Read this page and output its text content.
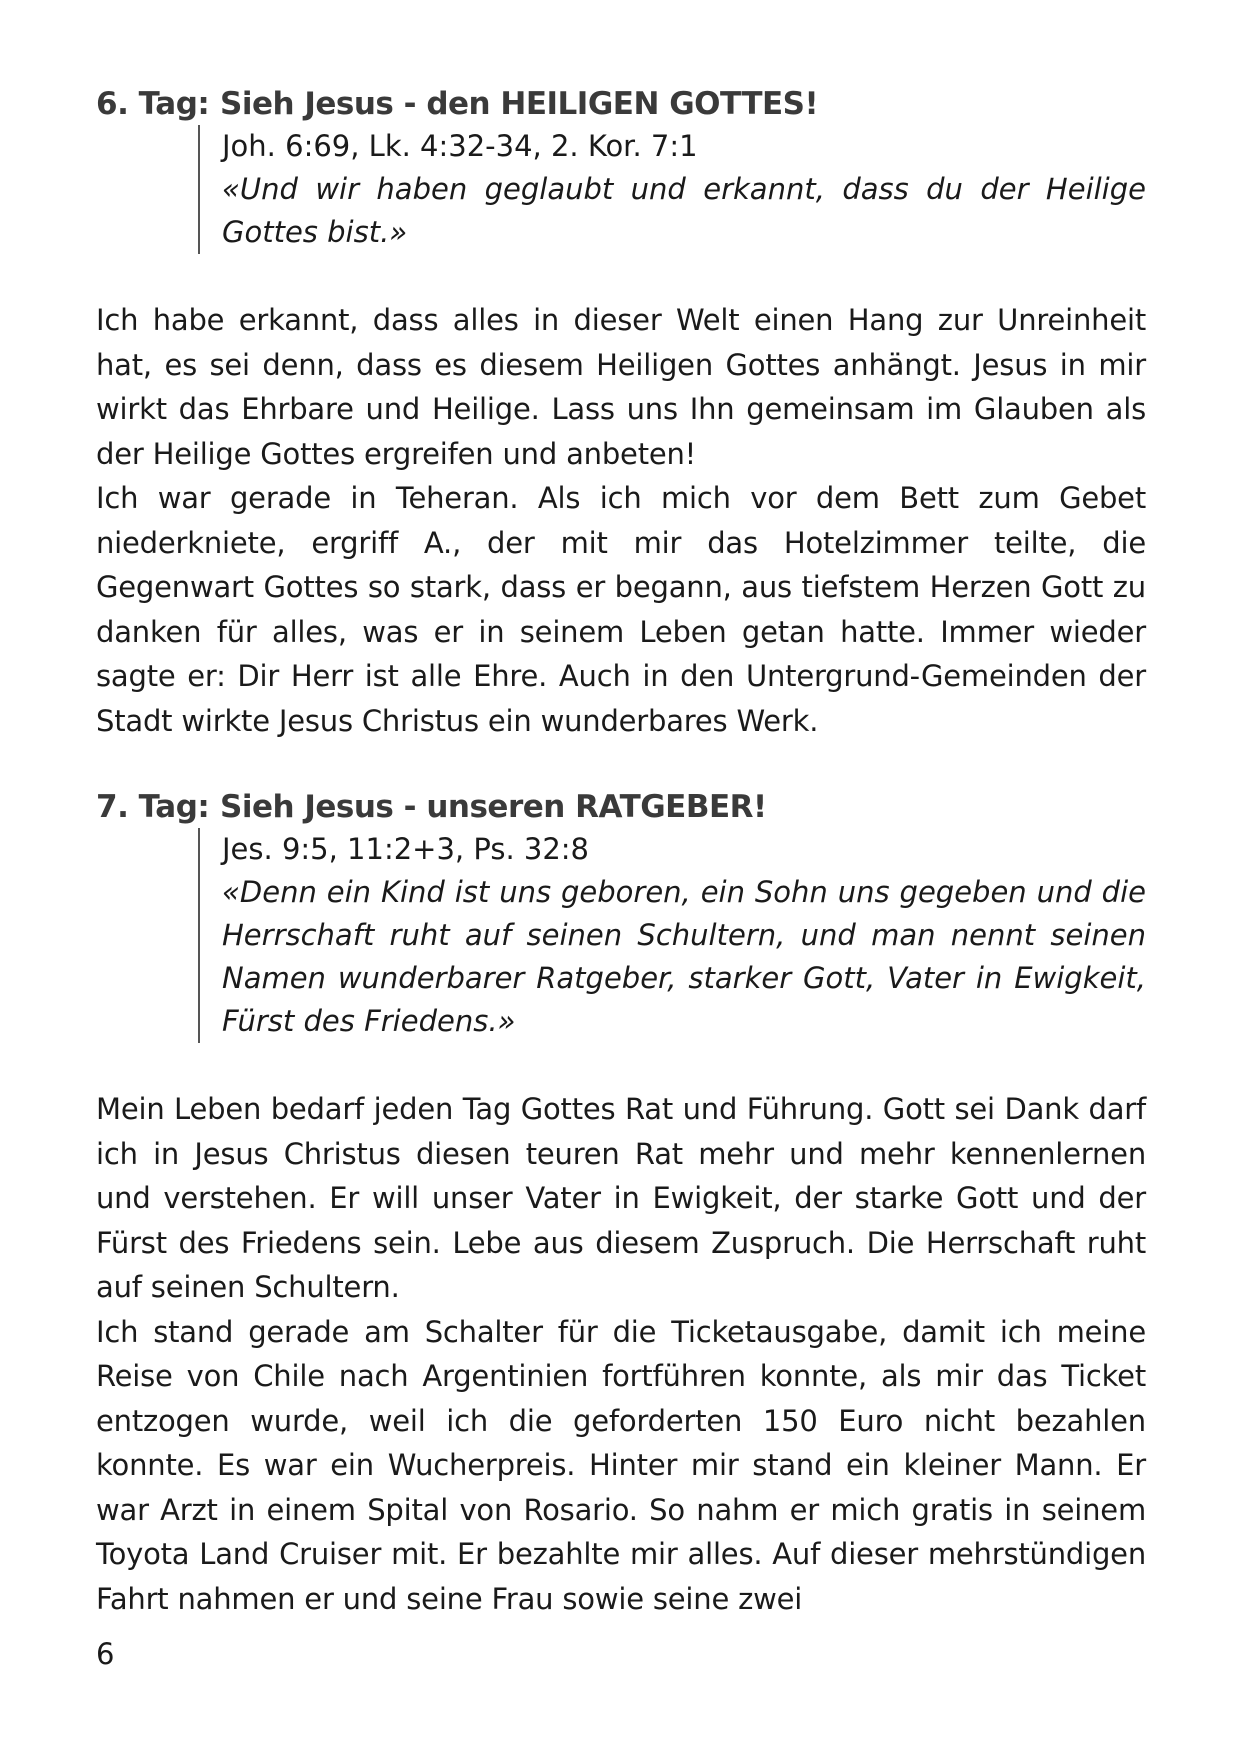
6. Tag: Sieh Jesus - den HEILIGEN GOTTES!
Joh. 6:69, Lk. 4:32-34, 2. Kor. 7:1
«Und wir haben geglaubt und erkannt, dass du der Heilige Gottes bist.»

Ich habe erkannt, dass alles in dieser Welt einen Hang zur Unreinheit hat, es sei denn, dass es diesem Heiligen Gottes anhängt. Jesus in mir wirkt das Ehrbare und Heilige. Lass uns Ihn gemeinsam im Glauben als der Heilige Gottes ergreifen und anbeten!

Ich war gerade in Teheran. Als ich mich vor dem Bett zum Gebet niederkniete, ergriff A., der mit mir das Hotelzimmer teilte, die Gegenwart Gottes so stark, dass er begann, aus tiefstem Herzen Gott zu danken für alles, was er in seinem Leben getan hatte. Immer wieder sagte er: Dir Herr ist alle Ehre. Auch in den Untergrund-Gemeinden der Stadt wirkte Jesus Christus ein wunderbares Werk.

7. Tag: Sieh Jesus - unseren RATGEBER!
Jes. 9:5, 11:2+3, Ps. 32:8
«Denn ein Kind ist uns geboren, ein Sohn uns gegeben und die Herrschaft ruht auf seinen Schultern, und man nennt seinen Namen wunderbarer Ratgeber, starker Gott, Vater in Ewigkeit, Fürst des Friedens.»

Mein Leben bedarf jeden Tag Gottes Rat und Führung. Gott sei Dank darf ich in Jesus Christus diesen teuren Rat mehr und mehr kennenlernen und verstehen. Er will unser Vater in Ewigkeit, der starke Gott und der Fürst des Friedens sein. Lebe aus diesem Zuspruch. Die Herrschaft ruht auf seinen Schultern.

Ich stand gerade am Schalter für die Ticketausgabe, damit ich meine Reise von Chile nach Argentinien fortführen konnte, als mir das Ticket entzogen wurde, weil ich die geforderten 150 Euro nicht bezahlen konnte. Es war ein Wucherpreis. Hinter mir stand ein kleiner Mann. Er war Arzt in einem Spital von Rosario. So nahm er mich gratis in seinem Toyota Land Cruiser mit. Er bezahlte mir alles. Auf dieser mehrstündigen Fahrt nahmen er und seine Frau sowie seine zwei

6
